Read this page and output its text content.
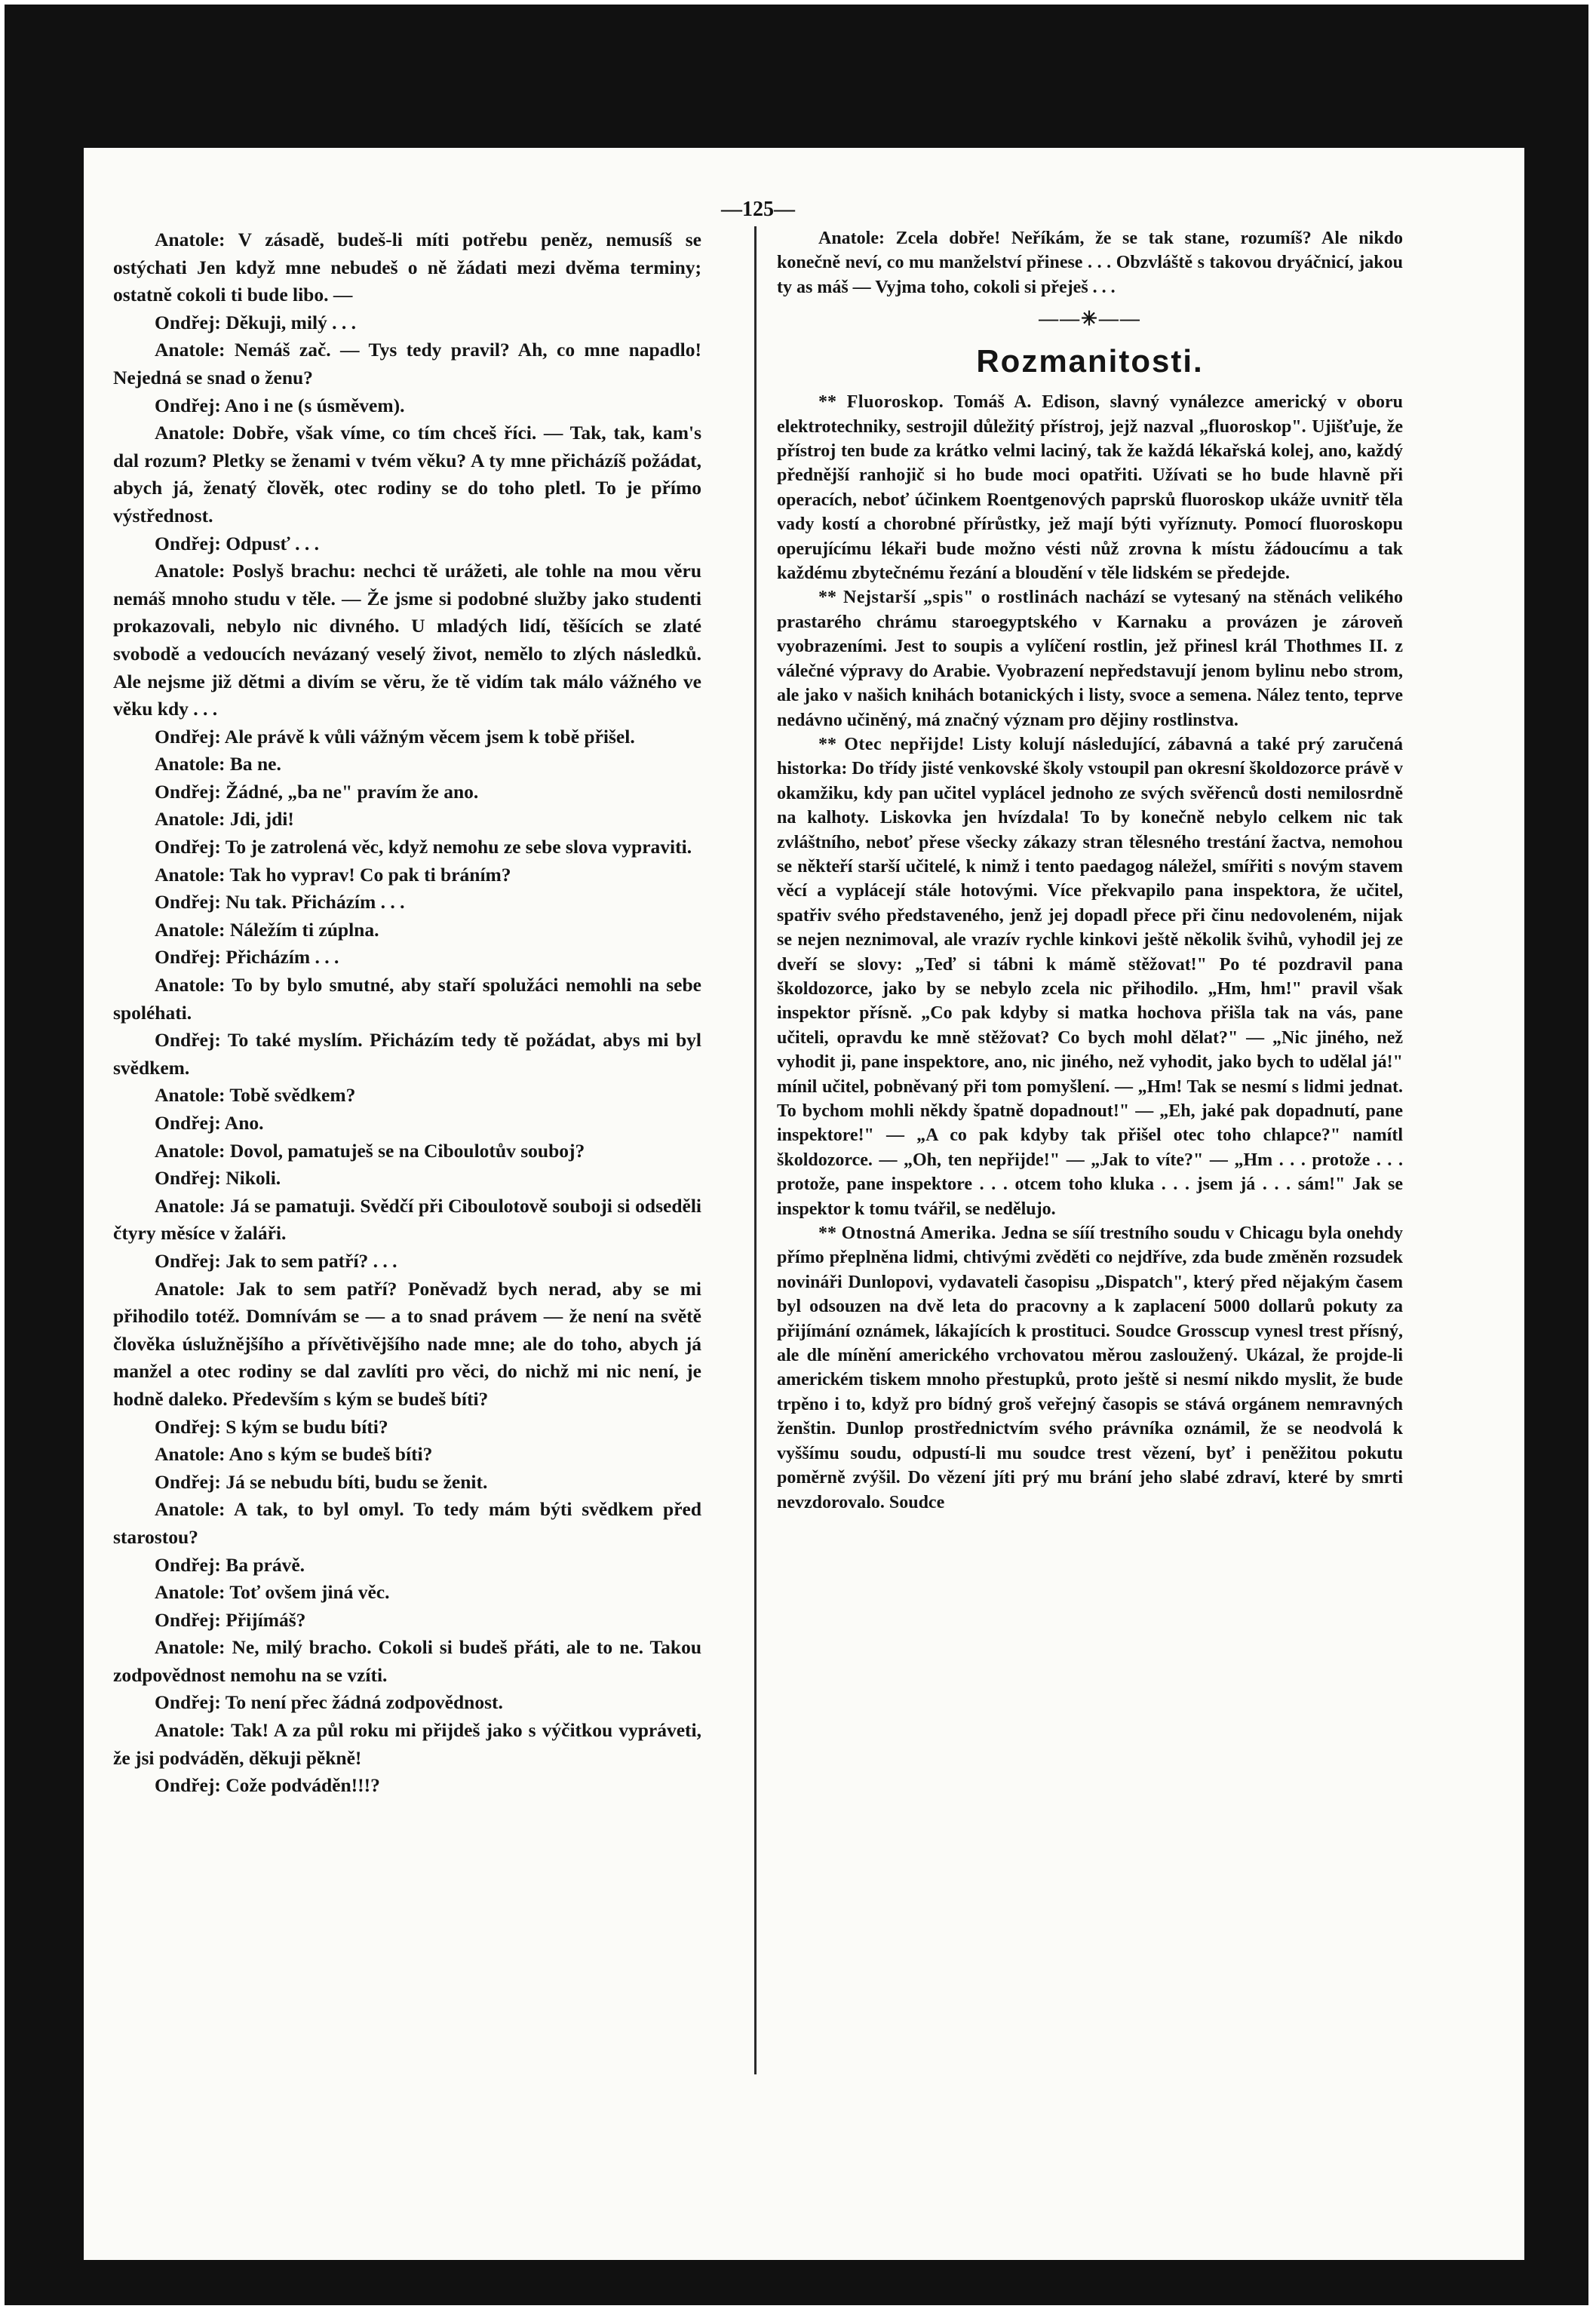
—125—

Anatole: V zásadě, budeš-li míti potřebu peněz, nemusíš se ostýchati Jen když mne nebudeš o ně žádati mezi dvěma terminy; ostatně cokoli ti bude libo. —

Ondřej: Děkuji, milý . . .

Anatole: Nemáš zač. — Tys tedy pravil? Ah, co mne napadlo! Nejedná se snad o ženu?

Ondřej: Ano i ne (s úsměvem).

Anatole: Dobře, však víme, co tím chceš říci. — Tak, tak, kam's dal rozum? Pletky se ženami v tvém věku? A ty mne přicházíš požádat, abych já, ženatý člověk, otec rodiny se do toho pletl. To je přímo výstřednost.

Ondřej: Odpusť . . .

Anatole: Poslyš brachu: nechci tě urážeti, ale tohle na mou věru nemáš mnoho studu v těle. — Že jsme si podobné služby jako studenti prokazovali, nebylo nic divného. U mladých lidí, těšících se zlaté svobodě a vedoucích nevázaný veselý život, nemělo to zlých následků. Ale nejsme již dětmi a divím se věru, že tě vidím tak málo vážného ve věku kdy . . .

Ondřej: Ale právě k vůli vážným věcem jsem k tobě přišel.

Anatole: Ba ne.

Ondřej: Žádné, „ba ne" pravím že ano.

Anatole: Jdi, jdi!

Ondřej: To je zatrolená věc, když nemohu ze sebe slova vypraviti.

Anatole: Tak ho vyprav! Co pak ti bráním?

Ondřej: Nu tak. Přicházím . . .

Anatole: Náležím ti zúplna.

Ondřej: Přicházím . . .

Anatole: To by bylo smutné, aby staří spolužáci nemohli na sebe spoléhati.

Ondřej: To také myslím. Přicházím tedy tě požádat, abys mi byl svědkem.

Anatole: Tobě svědkem?

Ondřej: Ano.

Anatole: Dovol, pamatuješ se na Ciboulotův souboj?

Ondřej: Nikoli.

Anatole: Já se pamatuji. Svědčí při Ciboulotově souboji si odseděli čtyry měsíce v žaláři.

Ondřej: Jak to sem patří? . . .

Anatole: Jak to sem patří? Poněvadž bych nerad, aby se mi přihodilo totéž. Domnívám se — a to snad právem — že není na světě člověka úslužnějšího a přívětivějšího nade mne; ale do toho, abych já manžel a otec rodiny se dal zavlíti pro věci, do nichž mi nic není, je hodně daleko. Především s kým se budeš bíti?

Ondřej: S kým se budu bíti?

Anatole: Ano s kým se budeš bíti?

Ondřej: Já se nebudu bíti, budu se ženit.

Anatole: A tak, to byl omyl. To tedy mám býti svědkem před starostou?

Ondřej: Ba právě.

Anatole: Toť ovšem jiná věc.

Ondřej: Přijímáš?

Anatole: Ne, milý bracho. Cokoli si budeš přáti, ale to ne. Takou zodpovědnost nemohu na se vzíti.

Ondřej: To není přec žádná zodpovědnost.

Anatole: Tak! A za půl roku mi přijdeš jako s výčitkou vypráveti, že jsi podváděn, děkuji pěkně!

Ondřej: Cože podváděn!!!?

Anatole: Zcela dobře! Neříkám, že se tak stane, rozumíš? Ale nikdo konečně neví, co mu manželství přinese . . . Obzvláště s takovou dryáčnicí, jakou ty as máš — Vyjma toho, cokoli si přeješ . . .

——✳——
Rozmanitosti.

** Fluoroskop. Tomáš A. Edison, slavný vynálezce americký v oboru elektrotechniky, sestrojil důležitý přístroj, jejž nazval „fluoroskop". Ujišťuje, že přístroj ten bude za krátko velmi laciný, tak že každá lékařská kolej, ano, každý přednější ranhojič si ho bude moci opatřiti. Užívati se ho bude hlavně při operacích, neboť účinkem Roentgenových paprsků fluoroskop ukáže uvnitř těla vady kostí a chorobné přírůstky, jež mají býti vyříznuty. Pomocí fluoroskopu operujícímu lékaři bude možno vésti nůž zrovna k místu žádoucímu a tak každému zbytečnému řezání a bloudění v těle lidském se předejde.

** Nejstarší „spis" o rostlinách nachází se vytesaný na stěnách velikého prastarého chrámu staroegyptského v Karnaku a provázen je zároveň vyobrazeními. Jest to soupis a vylíčení rostlin, jež přinesl král Thothmes II. z válečné výpravy do Arabie. Vyobrazení nepředstavují jenom bylinu nebo strom, ale jako v našich knihách botanických i listy, svoce a semena. Nález tento, teprve nedávno učiněný, má značný význam pro dějiny rostlinstva.

** Otec nepřijde! Listy kolují následující, zábavná a také prý zaručená historka: Do třídy jisté venkovské školy vstoupil pan okresní školdozorce právě v okamžiku, kdy pan učitel vyplácel jednoho ze svých svěřenců dosti nemilosrdně na kalhoty. Liskovka jen hvízdala! To by konečně nebylo celkem nic tak zvláštního, neboť přese všecky zákazy stran tělesného trestání žactva, nemohou se někteří starší učitelé, k nimž i tento paedagog náležel, smířiti s novým stavem věcí a vyplácejí stále hotovými. Více překvapilo pana inspektora, že učitel, spatřiv svého představeného, jenž jej dopadl přece při činu nedovoleném, nijak se nejen neznimoval, ale vrazív rychle kinkovi ještě několik švihů, vyhodil jej ze dveří se slovy: „Teď si tábni k mámě stěžovat!" Po té pozdravil pana školdozorce, jako by se nebylo zcela nic přihodilo. „Hm, hm!" pravil však inspektor přísně. „Co pak kdyby si matka hochova přišla tak na vás, pane učiteli, opravdu ke mně stěžovat? Co bych mohl dělat?" — „Nic jiného, než vyhodit ji, pane inspektore, ano, nic jiného, než vyhodit, jako bych to udělal já!" mínil učitel, pobněvaný při tom pomyšlení. — „Hm! Tak se nesmí s lidmi jednat. To bychom mohli někdy špatně dopadnout!" — „Eh, jaké pak dopadnutí, pane inspektore!" — „A co pak kdyby tak přišel otec toho chlapce?" namítl školdozorce. — „Oh, ten nepřijde!" — „Jak to víte?" — „Hm . . . protože . . . protože, pane inspektore . . . otcem toho kluka . . . jsem já . . . sám!" Jak se inspektor k tomu tvářil, se nedělujo.

** Otnostná Amerika. Jedna se sííí trestního soudu v Chicagu byla onehdy přímo přeplněna lidmi, chtivými zvěděti co nejdříve, zda bude změněn rozsudek novináři Dunlopovi, vydavateli časopisu „Dispatch", který před nějakým časem byl odsouzen na dvě leta do pracovny a k zaplacení 5000 dollarů pokuty za přijímání oznámek, lákajících k prostituci. Soudce Grosscup vynesl trest přísný, ale dle mínění amerického vrchovatou měrou zasloužený. Ukázal, že projde-li americkém tiskem mnoho přestupků, proto ještě si nesmí nikdo myslit, že bude trpěno i to, když pro bídný groš veřejný časopis se stává orgánem nemravných ženštin. Dunlop prostřednictvím svého právníka oznámil, že se neodvolá k vyššímu soudu, odpustí-li mu soudce trest vězení, byť i peněžitou pokutu poměrně zvýšil. Do vězení jíti prý mu brání jeho slabé zdraví, které by smrti nevzdorovalo. Soudce
